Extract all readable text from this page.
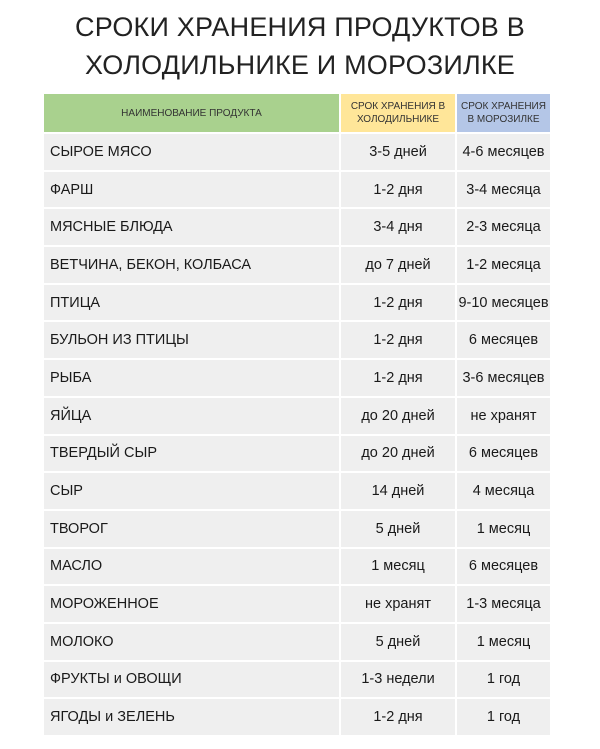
СРОКИ ХРАНЕНИЯ ПРОДУКТОВ В
ХОЛОДИЛЬНИКЕ И МОРОЗИЛКЕ
НАИМЕНОВАНИЕ ПРОДУКТА	СРОК ХРАНЕНИЯ В ХОЛОДИЛЬНИКЕ	СРОК ХРАНЕНИЯ В МОРОЗИЛКЕ
СЫРОЕ МЯСО	3-5 дней	4-6 месяцев
ФАРШ	1-2 дня	3-4 месяца
МЯСНЫЕ БЛЮДА	3-4 дня	2-3 месяца
ВЕТЧИНА, БЕКОН, КОЛБАСА	до 7 дней	1-2 месяца
ПТИЦА	1-2 дня	9-10 месяцев
БУЛЬОН ИЗ ПТИЦЫ	1-2 дня	6 месяцев
РЫБА	1-2 дня	3-6 месяцев
ЯЙЦА	до 20 дней	не хранят
ТВЕРДЫЙ СЫР	до 20 дней	6 месяцев
СЫР	14 дней	4 месяца
ТВОРОГ	5 дней	1 месяц
МАСЛО	1 месяц	6 месяцев
МОРОЖЕННОЕ	не хранят	1-3 месяца
МОЛОКО	5 дней	1 месяц
ФРУКТЫ и ОВОЩИ	1-3 недели	1 год
ЯГОДЫ и ЗЕЛЕНЬ	1-2 дня	1 год
